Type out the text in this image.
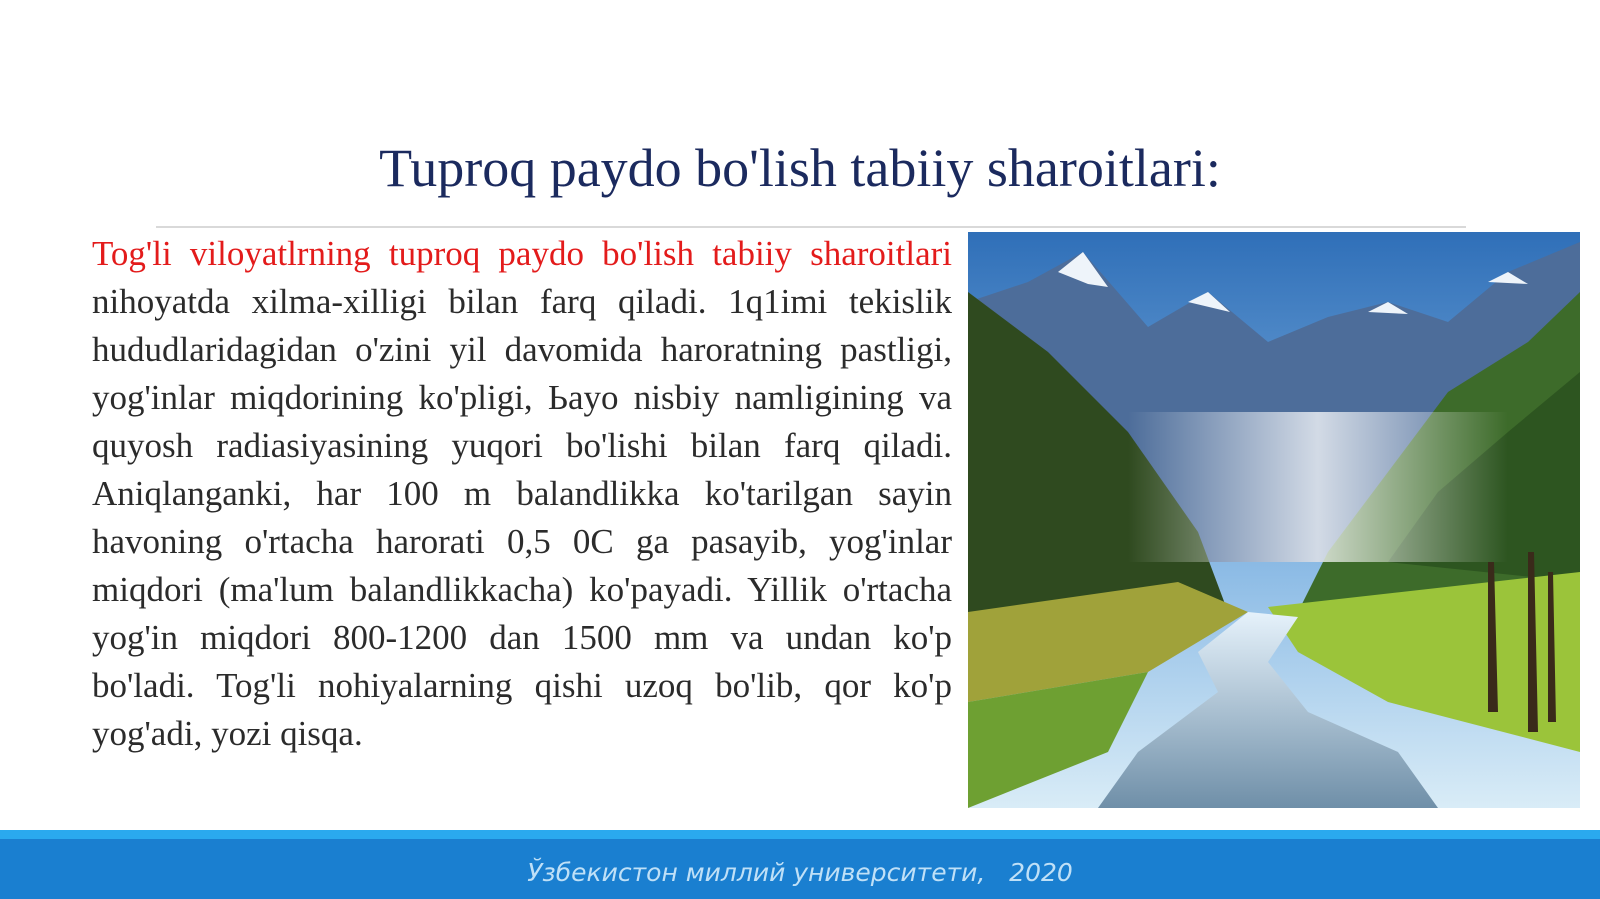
Tuproq paydo bo'lish tabiiy sharoitlari:

Tog'li viloyatlrning tuproq paydo bo'lish tabiiy sharoitlari nihoyatda xilma-xilligi bilan farq qiladi. 1q1imi tekislik hududlaridagidan o'zini yil davomida haroratning pastligi, yog'inlar miqdorining ko'pligi, Ьayo nisbiy namligining va quyosh radiasiyasining yuqori bo'lishi bilan farq qiladi. Aniqlanganki, har 100 m balandlikka ko'tarilgan sayin havoning o'rtacha harorati 0,5 0C ga pasayib, yog'inlar miqdori (ma'lum balandlikkacha) ko'payadi. Yillik o'rtacha yog'in miqdori 800-1200 dan 1500 mm va undan ko'p bo'ladi. Tog'li nohiyalarning qishi uzoq bo'lib, qor ko'p yog'adi, yozi qisqa.

Ўзбекистон миллий университети,   2020
